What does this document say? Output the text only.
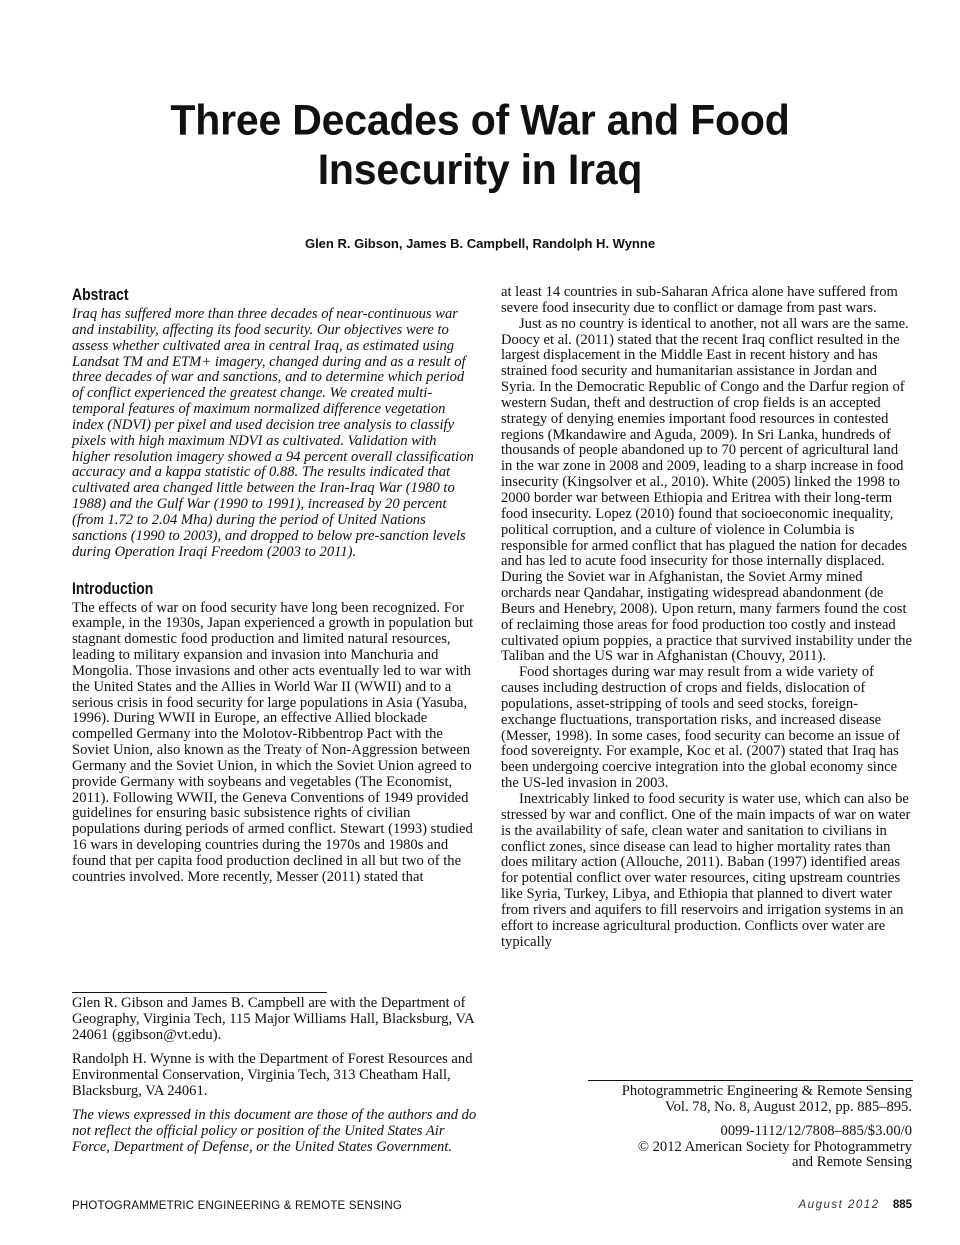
Three Decades of War and Food
Insecurity in Iraq
Glen R. Gibson, James B. Campbell, Randolph H. Wynne
Abstract

Iraq has suffered more than three decades of near-continuous war and instability, affecting its food security. Our objectives were to assess whether cultivated area in central Iraq, as estimated using Landsat TM and ETM+ imagery, changed during and as a result of three decades of war and sanctions, and to determine which period of conflict experienced the greatest change. We created multi-temporal features of maximum normalized difference vegetation index (NDVI) per pixel and used decision tree analysis to classify pixels with high maximum NDVI as cultivated. Validation with higher resolution imagery showed a 94 percent overall classification accuracy and a kappa statistic of 0.88. The results indicated that cultivated area changed little between the Iran-Iraq War (1980 to 1988) and the Gulf War (1990 to 1991), increased by 20 percent (from 1.72 to 2.04 Mha) during the period of United Nations sanctions (1990 to 2003), and dropped to below pre-sanction levels during Operation Iraqi Freedom (2003 to 2011).

Introduction

The effects of war on food security have long been recognized. For example, in the 1930s, Japan experienced a growth in population but stagnant domestic food production and limited natural resources, leading to military expansion and invasion into Manchuria and Mongolia. Those invasions and other acts eventually led to war with the United States and the Allies in World War II (WWII) and to a serious crisis in food security for large populations in Asia (Yasuba, 1996). During WWII in Europe, an effective Allied blockade compelled Germany into the Molotov-Ribbentrop Pact with the Soviet Union, also known as the Treaty of Non-Aggression between Germany and the Soviet Union, in which the Soviet Union agreed to provide Germany with soybeans and vegetables (The Economist, 2011). Following WWII, the Geneva Conventions of 1949 provided guidelines for ensuring basic subsistence rights of civilian populations during periods of armed conflict. Stewart (1993) studied 16 wars in developing countries during the 1970s and 1980s and found that per capita food production declined in all but two of the countries involved. More recently, Messer (2011) stated that

at least 14 countries in sub-Saharan Africa alone have suffered from severe food insecurity due to conflict or damage from past wars.

Just as no country is identical to another, not all wars are the same. Doocy et al. (2011) stated that the recent Iraq conflict resulted in the largest displacement in the Middle East in recent history and has strained food security and humanitarian assistance in Jordan and Syria. In the Democratic Republic of Congo and the Darfur region of western Sudan, theft and destruction of crop fields is an accepted strategy of denying enemies important food resources in contested regions (Mkandawire and Aguda, 2009). In Sri Lanka, hundreds of thousands of people abandoned up to 70 percent of agricultural land in the war zone in 2008 and 2009, leading to a sharp increase in food insecurity (Kingsolver et al., 2010). White (2005) linked the 1998 to 2000 border war between Ethiopia and Eritrea with their long-term food insecurity. Lopez (2010) found that socioeconomic inequality, political corruption, and a culture of violence in Columbia is responsible for armed conflict that has plagued the nation for decades and has led to acute food insecurity for those internally displaced. During the Soviet war in Afghanistan, the Soviet Army mined orchards near Qandahar, instigating widespread abandonment (de Beurs and Henebry, 2008). Upon return, many farmers found the cost of reclaiming those areas for food production too costly and instead cultivated opium poppies, a practice that survived instability under the Taliban and the US war in Afghanistan (Chouvy, 2011).

Food shortages during war may result from a wide variety of causes including destruction of crops and fields, dislocation of populations, asset-stripping of tools and seed stocks, foreign-exchange fluctuations, transportation risks, and increased disease (Messer, 1998). In some cases, food security can become an issue of food sovereignty. For example, Koc et al. (2007) stated that Iraq has been undergoing coercive integration into the global economy since the US-led invasion in 2003.

Inextricably linked to food security is water use, which can also be stressed by war and conflict. One of the main impacts of war on water is the availability of safe, clean water and sanitation to civilians in conflict zones, since disease can lead to higher mortality rates than does military action (Allouche, 2011). Baban (1997) identified areas for potential conflict over water resources, citing upstream countries like Syria, Turkey, Libya, and Ethiopia that planned to divert water from rivers and aquifers to fill reservoirs and irrigation systems in an effort to increase agricultural production. Conflicts over water are typically

Glen R. Gibson and James B. Campbell are with the Department of Geography, Virginia Tech, 115 Major Williams Hall, Blacksburg, VA 24061 (ggibson@vt.edu).

Randolph H. Wynne is with the Department of Forest Resources and Environmental Conservation, Virginia Tech, 313 Cheatham Hall, Blacksburg, VA 24061.

The views expressed in this document are those of the authors and do not reflect the official policy or position of the United States Air Force, Department of Defense, or the United States Government.

Photogrammetric Engineering & Remote Sensing
Vol. 78, No. 8, August 2012, pp. 885–895.
0099-1112/12/7808–885/$3.00/0
© 2012 American Society for Photogrammetry
and Remote Sensing
PHOTOGRAMMETRIC ENGINEERING & REMOTE SENSING	August 2012 885
